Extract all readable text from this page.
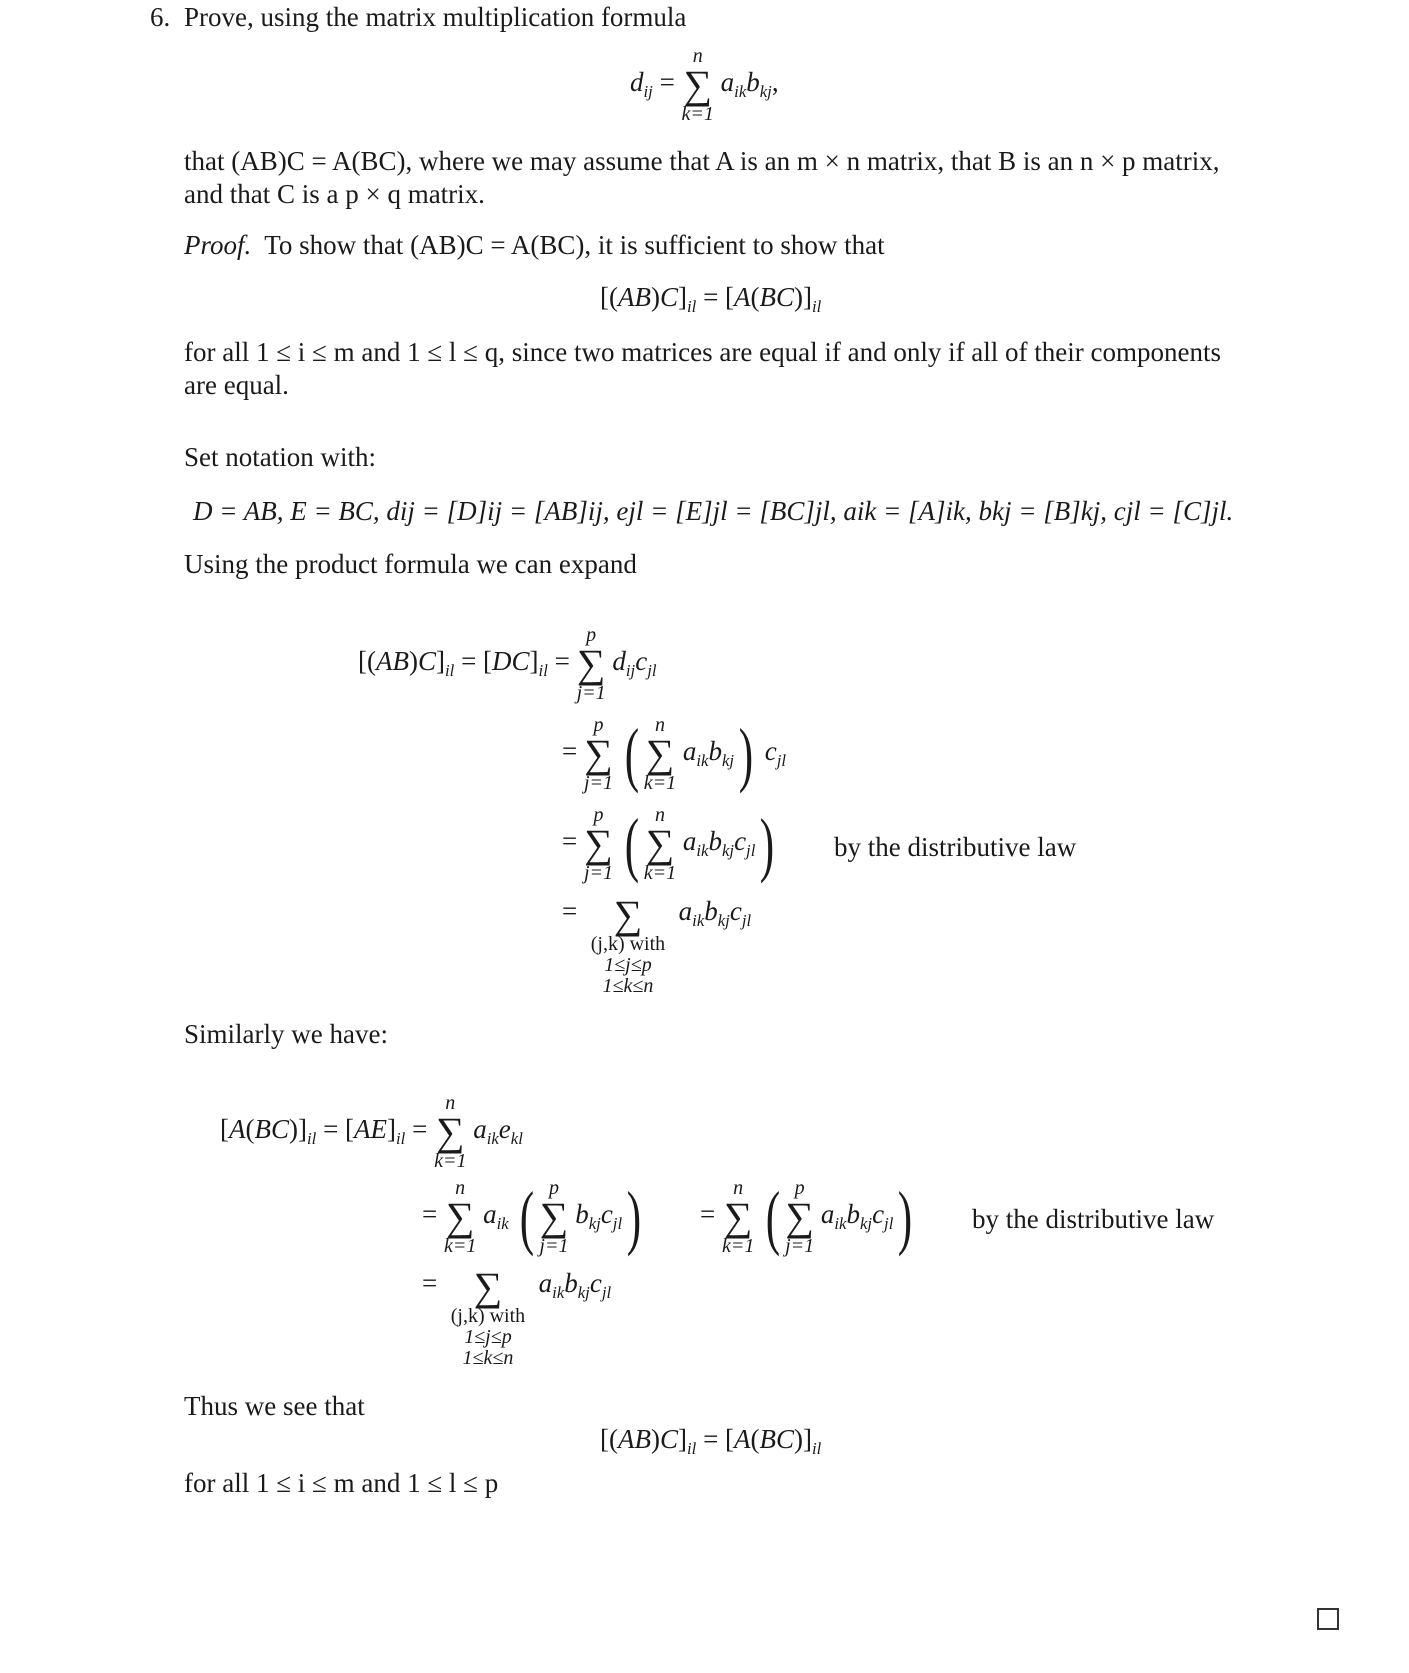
6. Prove, using the matrix multiplication formula
$d_{ij}$ =
n
∑
k=1
$a_{ik}b_{kj}$,
that (AB)C = A(BC), where we may assume that A is an m × n matrix, that B is an n × p matrix,
and that C is a p × q matrix.
Proof. To show that (AB)C = A(BC), it is sufficient to show that
$[(AB)C]_{il} = [A(BC)]_{il}$
for all 1 ≤ i ≤ m and 1 ≤ l ≤ q, since two matrices are equal if and only if all of their components
are equal.
Set notation with:
D = AB, E = BC, dij = [D]ij = [AB]ij, ejl = [E]jl = [BC]jl, aik = [A]ik, bkj = [B]kj, cjl = [C]jl.
Using the product formula we can expand
$[(AB)C]_{il} = [DC]_{il}$ =
p
∑
j=1
$d_{ij}c_{jl}$
=
p
∑
j=1 ( n
∑
k=1
$a_{ik}b_{kj}$) $c_{jl}$
=
p
∑
j=1 ( n
∑
k=1
$a_{ik}b_{kj}c_{jl}$) by the distributive law
= ∑
(j,k) with
1≤j≤p
1≤k≤n  $a_{ik}b_{kj}c_{jl}$
Similarly we have:
$[A(BC)]_{il} = [AE]_{il}$ =
n
∑
k=1
$a_{ik}e_{kl}$
=
n
∑
k=1
$a_{ik}$ ( p
∑
j=1
$b_{kj}c_{jl}$) =
n
∑
k=1 ( p
∑
j=1
$a_{ik}b_{kj}c_{jl}$) by the distributive law
= ∑
(j,k) with
1≤j≤p
1≤k≤n  $a_{ik}b_{kj}c_{jl}$
Thus we see that
$[(AB)C]_{il} = [A(BC)]_{il}$
for all 1 ≤ i ≤ m and 1 ≤ l ≤ p
